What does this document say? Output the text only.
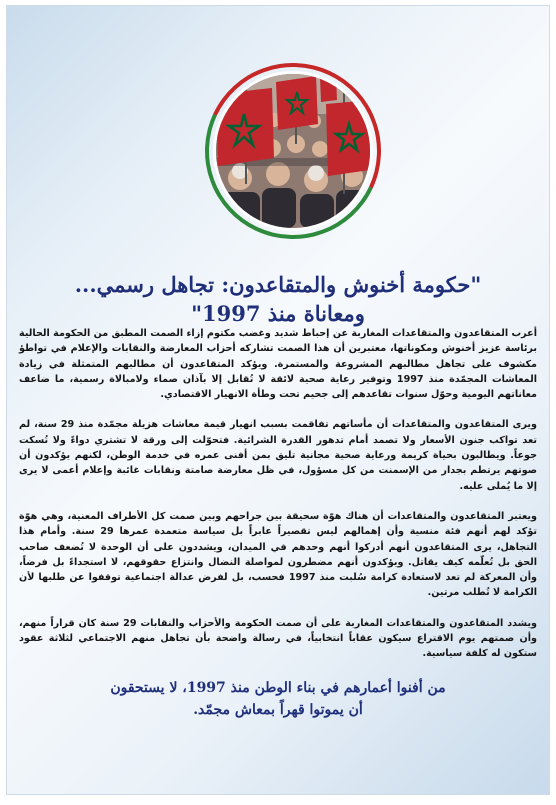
"حكومة أخنوش والمتقاعدون: تجاهل رسمي...
ومعاناة منذ 1997"

أعرب المتقاعدون والمتقاعدات المغاربة عن إحباط شديد وغضب مكتوم إزاء الصمت المطبق من الحكومة الحالية برئاسة عزيز أخنوش ومكوناتها، معتبرين أن هذا الصمت تشاركه أحزاب المعارضة والنقابات والإعلام في تواطؤ مكشوف على تجاهل مطالبهم المشروعة والمستمرة. ويؤكد المتقاعدون أن مطالبهم المتمثلة في زيادة المعاشات المجمّدة منذ 1997 وتوفير رعاية صحية لائقة لا تُقابل إلا بآذان صماء ولامبالاة رسمية، ما ضاعف معاناتهم اليومية وحوّل سنوات تقاعدهم إلى جحيم تحت وطأة الانهيار الاقتصادي.

ويرى المتقاعدون والمتقاعدات أن مأساتهم تفاقمت بسبب انهيار قيمة معاشات هزيلة مجمّدة منذ 29 سنة، لم تعد تواكب جنون الأسعار ولا تصمد أمام تدهور القدرة الشرائية. فتحوّلت إلى ورقة لا تشتري دواءً ولا تُسكت جوعاً. ويطالبون بحياة كريمة ورعاية صحية مجانية تليق بمن أفنى عمره في خدمة الوطن، لكنهم يؤكدون أن صوتهم يرتطم بجدار من الإسمنت من كل مسؤول، في ظل معارضة صامتة ونقابات غائبة وإعلام أعمى لا يرى إلا ما يُملى عليه.

ويعتبر المتقاعدون والمتقاعدات أن هناك هوّة سحيقة بين جراحهم وبين صمت كل الأطراف المعنية، وهي هوّة تؤكد لهم أنهم فئة منسية وأن إهمالهم ليس تقصيراً عابراً بل سياسة متعمدة عمرها 29 سنة. وأمام هذا التجاهل، يرى المتقاعدون أنهم أدركوا أنهم وحدهم في الميدان، ويشددون على أن الوحدة لا تُضعف صاحب الحق بل تُعلّمه كيف يقاتل. ويؤكدون أنهم مضطرون لمواصلة النضال وانتزاع حقوقهم، لا استجداءً بل فرضاً، وأن المعركة لم تعد لاستعادة كرامة سُلبت منذ 1997 فحسب، بل لفرض عدالة اجتماعية توقفوا عن طلبها لأن الكرامة لا تُطلب مرتين.

ويشدد المتقاعدون والمتقاعدات المغاربة على أن صمت الحكومة والأحزاب والنقابات 29 سنة كان قراراً منهم، وأن صمتهم يوم الاقتراع سيكون عقاباً انتخابياً، في رسالة واضحة بأن تجاهل منهم الاجتماعي لثلاثة عقود ستكون له كلفة سياسية.

من أفنوا أعمارهم في بناء الوطن منذ 1997، لا يستحقون
أن يموتوا قهراً بمعاش مجمّد.
